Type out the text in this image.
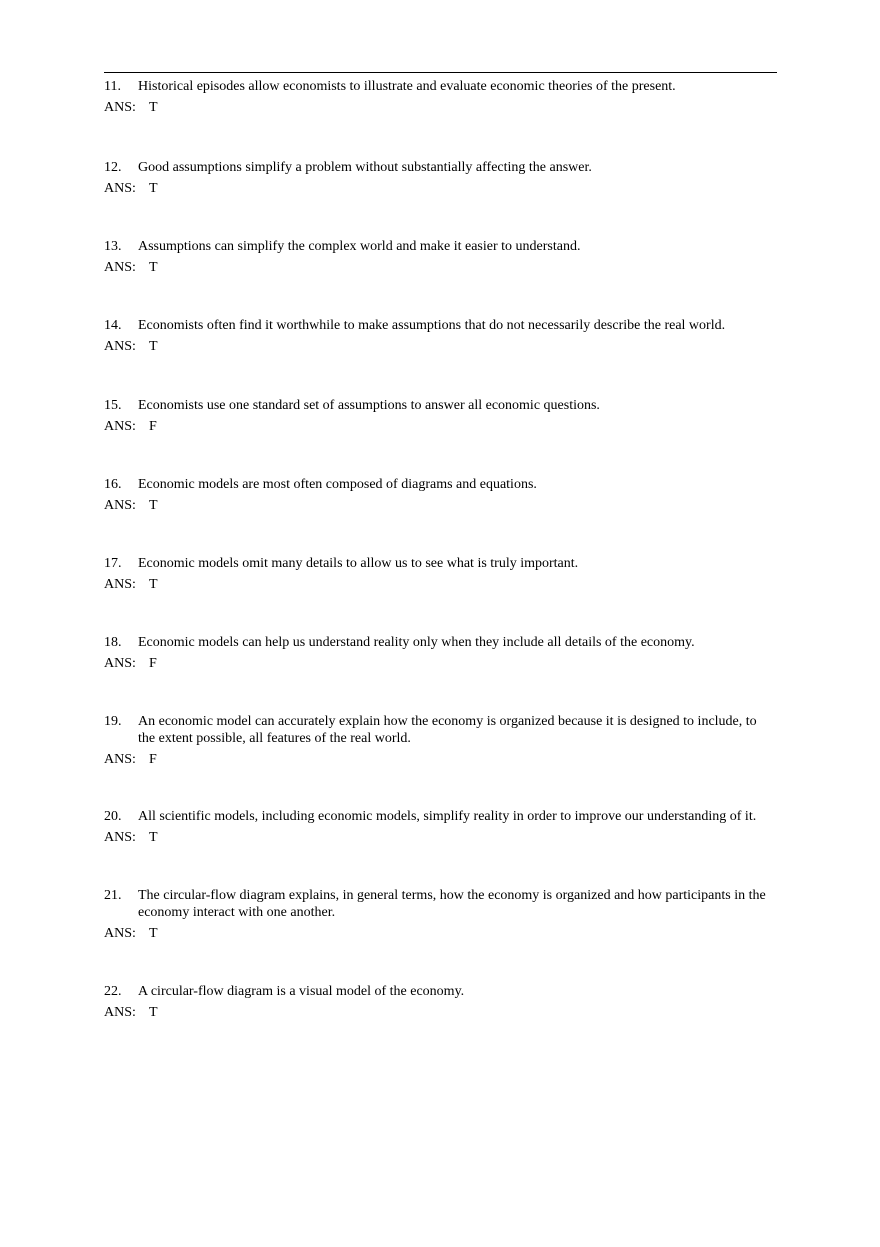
11.	Historical episodes allow economists to illustrate and evaluate economic theories of the present.
ANS: T
12.	Good assumptions simplify a problem without substantially affecting the answer.
ANS: T
13.	Assumptions can simplify the complex world and make it easier to understand.
ANS: T
14.	Economists often find it worthwhile to make assumptions that do not necessarily describe the real world.
ANS: T
15.	Economists use one standard set of assumptions to answer all economic questions.
ANS: F
16.	Economic models are most often composed of diagrams and equations.
ANS: T
17.	Economic models omit many details to allow us to see what is truly important.
ANS: T
18.	Economic models can help us understand reality only when they include all details of the economy.
ANS: F
19.	An economic model can accurately explain how the economy is organized because it is designed to include, to the extent possible, all features of the real world.
ANS: F
20.	All scientific models, including economic models, simplify reality in order to improve our understanding of it.
ANS: T
21.	The circular-flow diagram explains, in general terms, how the economy is organized and how participants in the economy interact with one another.
ANS: T
22.	A circular-flow diagram is a visual model of the economy.
ANS: T
